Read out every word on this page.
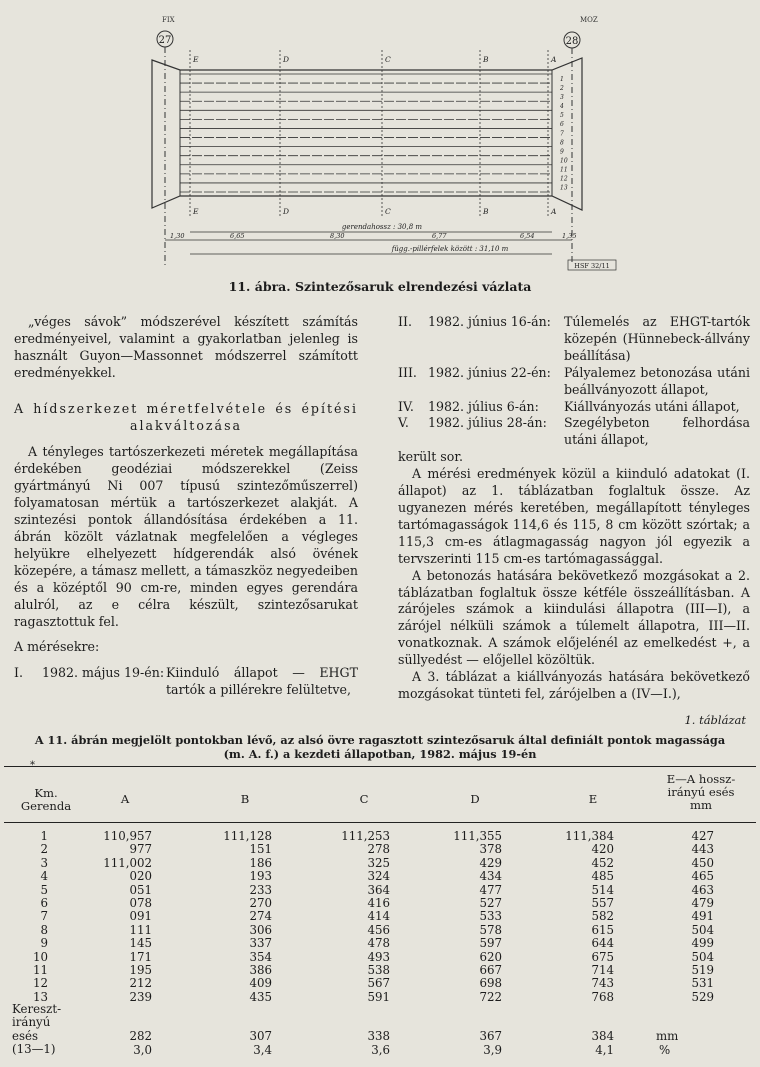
FIX	MOZ
27	28
1
2
3
4
5
6
7
8
9
10
11
12
13
E
E
D
D
C
C
B
B
A
A
1,30	6,65	8,30	6,77	6,54	1,35
gerendahossz : 30,8 m
függ.-pillérfelek között : 31,10 m
HSF 32/11
11. ábra. Szintezősaruk elrendezési vázlata

„véges sávok” módszerével készített számítás eredményeivel, valamint a gyakorlatban jelenleg is használt Guyon—Massonnet módszerrel számított eredményekkel.

A hídszerkezet méretfelvétele és építési alakváltozása

A tényleges tartószerkezeti méretek megállapítása érdekében geodéziai módszerekkel (Zeiss gyártmányú Ni 007 típusú szintezőműszerrel) folyamatosan mértük a tartószerkezet alakját. A szintezési pontok állandósítása érdekében a 11. ábrán közölt vázlatnak megfelelően a végleges helyükre elhelyezett hídgerendák alsó övének közepére, a támasz mellett, a támaszköz negyedeiben és a középtől 90 cm-re, minden egyes gerendára alulról, az e célra készült, szintezősarukat ragasztottuk fel.

A mérésekre:

I.	1982. május 19-én: Kiinduló állapot — EHGT tartók a pillérekre felültetve,
II.	1982. június 16-án:	Túlemelés az EHGT-tartók közepén (Hünnebeck-állvány beállítása)
III. 1982. június 22-én:	Pályalemez betonozása utáni beállványozott állapot,
IV.	1982. július 6-án:	Kiállványozás utáni állapot,
V.	1982. július 28-án:	Szegélybeton felhordása utáni állapot,

került sor.

A mérési eredmények közül a kiinduló adatokat (I. állapot) az 1. táblázatban foglaltuk össze. Az ugyanezen mérés keretében, megállapított tényleges tartómagasságok 114,6 és 115, 8 cm között szórtak; a 115,3 cm-es átlagmagasság nagyon jól egyezik a tervszerinti 115 cm-es tartómagassággal.

A betonozás hatására bekövetkező mozgásokat a 2. táblázatban foglaltuk össze kétféle összeállításban. A zárójeles számok a kiindulási állapotra (III—I), a zárójel nélküli számok a túlemelt állapotra, III—II. vonatkoznak. A számok előjelénél az emelkedést +, a süllyedést — előjellel közöltük.

A 3. táblázat a kiállványozás hatására bekövetkező mozgásokat tünteti fel, zárójelben a (IV—I.),

1. táblázat
A 11. ábrán megjelölt pontokban lévő, az alsó övre ragasztott szintezősaruk által definiált pontok magassága
(m. A. f.) a kezdeti állapotban, 1982. május 19-én
*
Km.
Gerenda	A	B	C	D	E
E—A hossz-
irányú esés
mm
1	110,957	111,128	111,253	111,355	111,384	427
2	977	151	278	378	420	443
3	111,002	186	325	429	452	450
4	020	193	324	434	485	465
5	051	233	364	477	514	463
6	078	270	416	527	557	479
7	091	274	414	533	582	491
8	111	306	456	578	615	504
9	145	337	478	597	644	499
10	171	354	493	620	675	504
11	195	386	538	667	714	519
12	212	409	567	698	743	531
13	239	435	591	722	768	529
Kereszt-
irányú
esés
(13—1)
282	307	338	367	384	mm
3,0	3,4	3,6	3,9	4,1	%
